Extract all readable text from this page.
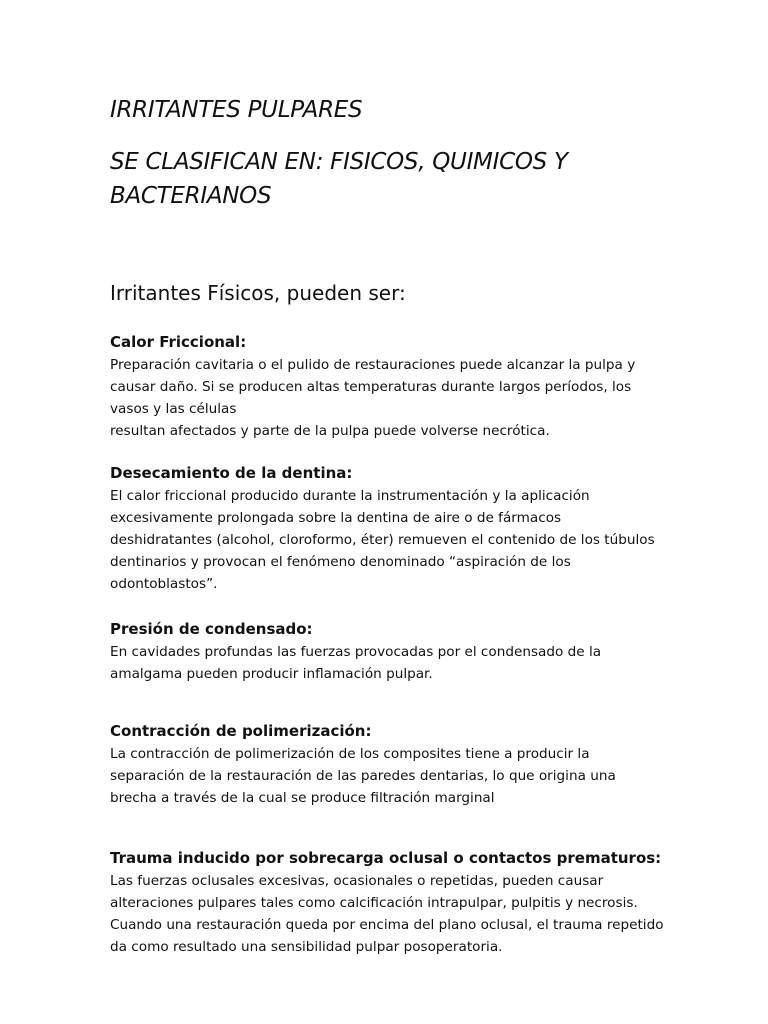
IRRITANTES PULPARES
SE CLASIFICAN EN: FISICOS, QUIMICOS Y BACTERIANOS
Irritantes Físicos, pueden ser:

Calor Friccional:

Preparación cavitaria o el pulido de restauraciones puede alcanzar la pulpa y causar daño. Si se producen altas temperaturas durante largos períodos, los vasos y las células
resultan afectados y parte de la pulpa puede volverse necrótica.

Desecamiento de la dentina:

El calor friccional producido durante la instrumentación y la aplicación excesivamente prolongada sobre la dentina de aire o de fármacos deshidratantes (alcohol, cloroformo, éter) remueven el contenido de los túbulos dentinarios y provocan el fenómeno denominado “aspiración de los odontoblastos”.

Presión de condensado:

En cavidades profundas las fuerzas provocadas por el condensado de la amalgama pueden producir inflamación pulpar.

Contracción de polimerización:

La contracción de polimerización de los composites tiene a producir la separación de la restauración de las paredes dentarias, lo que origina una brecha a través de la cual se produce filtración marginal

Trauma inducido por sobrecarga oclusal o contactos prematuros:

Las fuerzas oclusales excesivas, ocasionales o repetidas, pueden causar alteraciones pulpares tales como calcificación intrapulpar, pulpitis y necrosis. Cuando una restauración queda por encima del plano oclusal, el trauma repetido da como resultado una sensibilidad pulpar posoperatoria.
